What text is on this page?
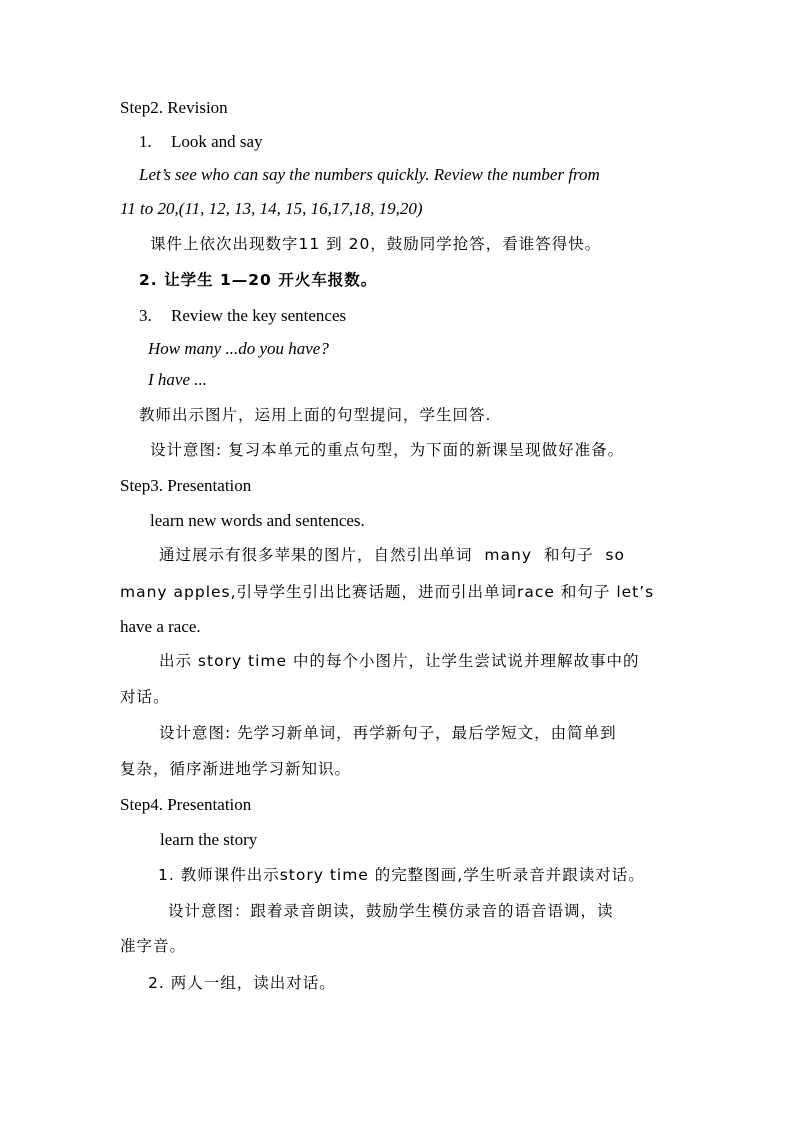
Step2. Revision
1. Look and say
Let’s see who can say the numbers quickly. Review the number from
11 to 20,(11, 12, 13, 14, 15, 16,17,18, 19,20)
课件上依次出现数字11 到 20，鼓励同学抢答，看谁答得快。
2. 让学生 1—20 开火车报数。
3. Review the key sentences
How many ...do you have?
I have ...
教师出示图片，运用上面的句型提问，学生回答.
设计意图: 复习本单元的重点句型，为下面的新课呈现做好准备。
Step3. Presentation
learn new words and sentences.
通过展示有很多苹果的图片，自然引出单词 many 和句子 so
many apples,引导学生引出比赛话题，进而引出单词race 和句子 let’s
have a race.
出示 story time 中的每个小图片，让学生尝试说并理解故事中的
对话。
设计意图: 先学习新单词，再学新句子，最后学短文，由简单到
复杂，循序渐进地学习新知识。
Step4. Presentation
learn the story
1. 教师课件出示story time 的完整图画,学生听录音并跟读对话。
设计意图：跟着录音朗读，鼓励学生模仿录音的语音语调，读
准字音。
2. 两人一组，读出对话。
